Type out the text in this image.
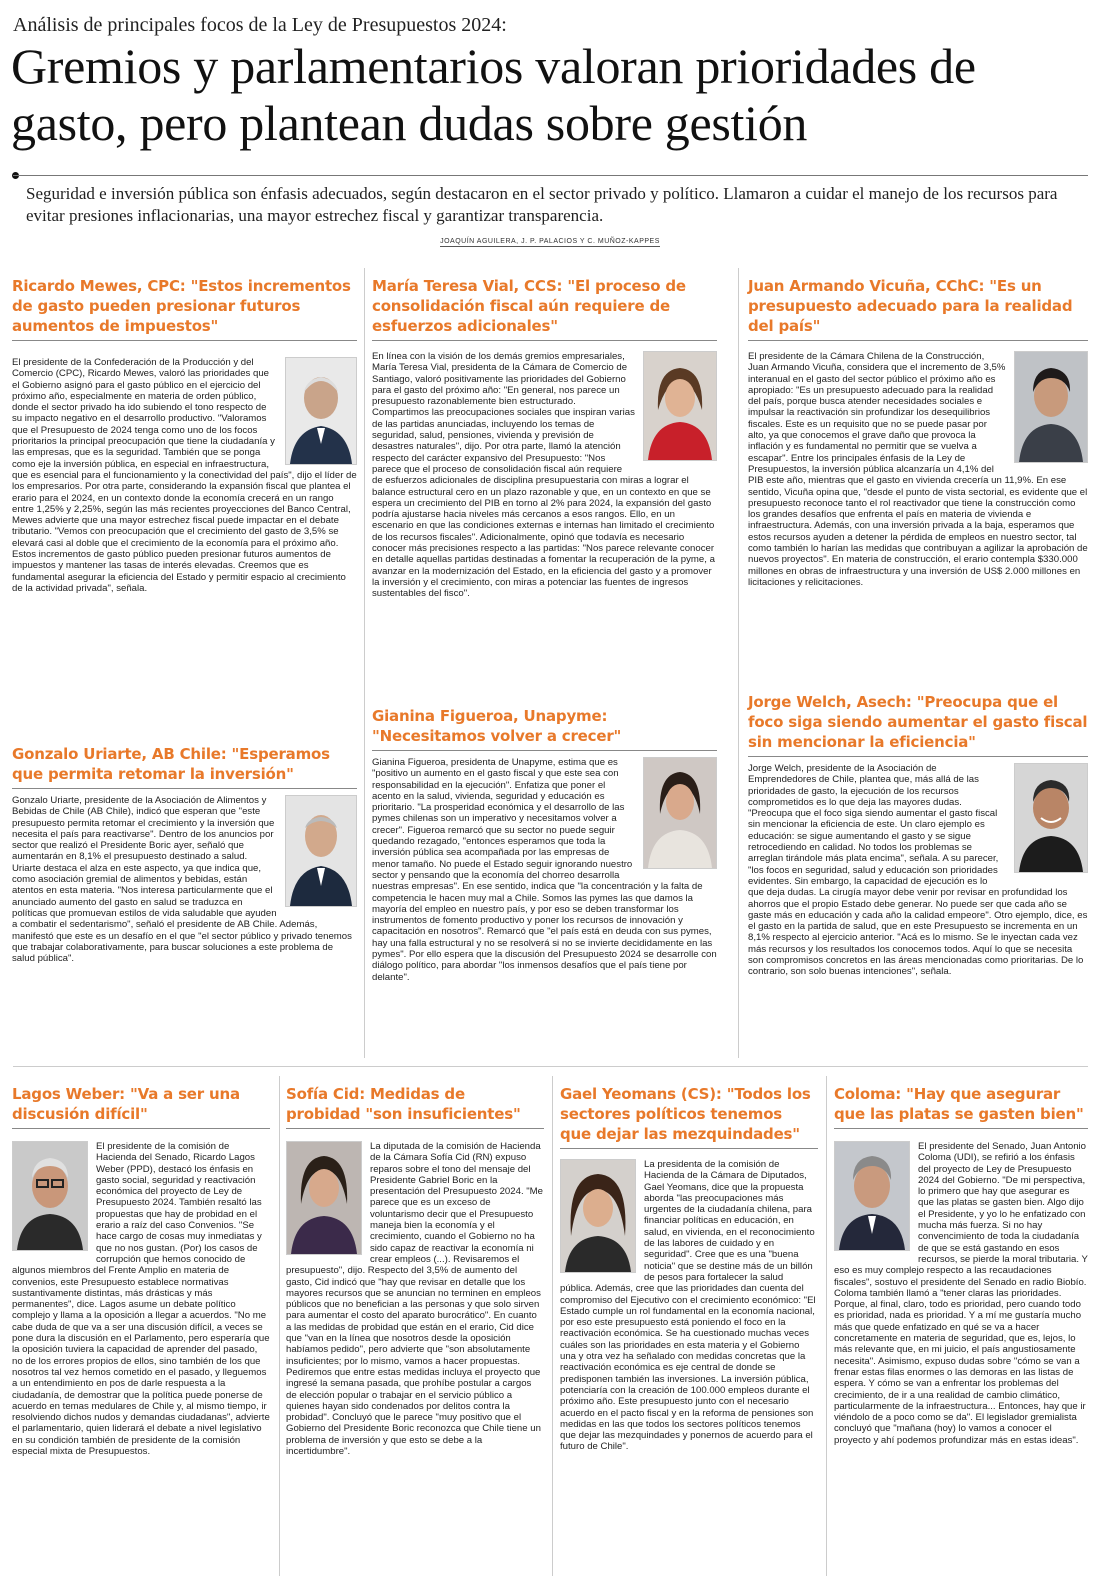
Análisis de principales focos de la Ley de Presupuestos 2024:
Gremios y parlamentarios valoran prioridades de gasto, pero plantean dudas sobre gestión
Seguridad e inversión pública son énfasis adecuados, según destacaron en el sector privado y político. Llamaron a cuidar el manejo de los recursos para evitar presiones inflacionarias, una mayor estrechez fiscal y garantizar transparencia.
JOAQUÍN AGUILERA, J. P. PALACIOS Y C. MUÑOZ-KAPPES
Ricardo Mewes, CPC: "Estos incrementos de gasto pueden presionar futuros aumentos de impuestos"

El presidente de la Confederación de la Producción y del Comercio (CPC), Ricardo Mewes, valoró las prioridades que el Gobierno asignó para el gasto público en el ejercicio del próximo año, especialmente en materia de orden público, donde el sector privado ha ido subiendo el tono respecto de su impacto negativo en el desarrollo productivo. "Valoramos que el Presupuesto de 2024 tenga como uno de los focos prioritarios la principal preocupación que tiene la ciudadanía y las empresas, que es la seguridad. También que se ponga como eje la inversión pública, en especial en infraestructura, que es esencial para el funcionamiento y la conectividad del país", dijo el líder de los empresarios. Por otra parte, considerando la expansión fiscal que plantea el erario para el 2024, en un contexto donde la economía crecerá en un rango entre 1,25% y 2,25%, según las más recientes proyecciones del Banco Central, Mewes advierte que una mayor estrechez fiscal puede impactar en el debate tributario. "Vemos con preocupación que el crecimiento del gasto de 3,5% se elevará casi al doble que el crecimiento de la economía para el próximo año. Estos incrementos de gasto público pueden presionar futuros aumentos de impuestos y mantener las tasas de interés elevadas. Creemos que es fundamental asegurar la eficiencia del Estado y permitir espacio al crecimiento de la actividad privada", señala.

Gonzalo Uriarte, AB Chile: "Esperamos que permita retomar la inversión"

Gonzalo Uriarte, presidente de la Asociación de Alimentos y Bebidas de Chile (AB Chile), indicó que esperan que "este presupuesto permita retomar el crecimiento y la inversión que necesita el país para reactivarse". Dentro de los anuncios por sector que realizó el Presidente Boric ayer, señaló que aumentarán en 8,1% el presupuesto destinado a salud. Uriarte destaca el alza en este aspecto, ya que indica que, como asociación gremial de alimentos y bebidas, están atentos en esta materia. "Nos interesa particularmente que el anunciado aumento del gasto en salud se traduzca en políticas que promuevan estilos de vida saludable que ayuden a combatir el sedentarismo", señaló el presidente de AB Chile. Además, manifestó que este es un desafío en el que "el sector público y privado tenemos que trabajar colaborativamente, para buscar soluciones a este problema de salud pública".

María Teresa Vial, CCS: "El proceso de consolidación fiscal aún requiere de esfuerzos adicionales"

En línea con la visión de los demás gremios empresariales, María Teresa Vial, presidenta de la Cámara de Comercio de Santiago, valoró positivamente las prioridades del Gobierno para el gasto del próximo año: "En general, nos parece un presupuesto razonablemente bien estructurado. Compartimos las preocupaciones sociales que inspiran varias de las partidas anunciadas, incluyendo los temas de seguridad, salud, pensiones, vivienda y previsión de desastres naturales", dijo. Por otra parte, llamó la atención respecto del carácter expansivo del Presupuesto: "Nos parece que el proceso de consolidación fiscal aún requiere de esfuerzos adicionales de disciplina presupuestaria con miras a lograr el balance estructural cero en un plazo razonable y que, en un contexto en que se espera un crecimiento del PIB en torno al 2% para 2024, la expansión del gasto podría ajustarse hacia niveles más cercanos a esos rangos. Ello, en un escenario en que las condiciones externas e internas han limitado el crecimiento de los recursos fiscales". Adicionalmente, opinó que todavía es necesario conocer más precisiones respecto a las partidas: "Nos parece relevante conocer en detalle aquellas partidas destinadas a fomentar la recuperación de la pyme, a avanzar en la modernización del Estado, en la eficiencia del gasto y a promover la inversión y el crecimiento, con miras a potenciar las fuentes de ingresos sustentables del fisco".

Gianina Figueroa, Unapyme: "Necesitamos volver a crecer"

Gianina Figueroa, presidenta de Unapyme, estima que es "positivo un aumento en el gasto fiscal y que este sea con responsabilidad en la ejecución". Enfatiza que poner el acento en la salud, vivienda, seguridad y educación es prioritario. "La prosperidad económica y el desarrollo de las pymes chilenas son un imperativo y necesitamos volver a crecer". Figueroa remarcó que su sector no puede seguir quedando rezagado, "entonces esperamos que toda la inversión pública sea acompañada por las empresas de menor tamaño. No puede el Estado seguir ignorando nuestro sector y pensando que la economía del chorreo desarrolla nuestras empresas". En ese sentido, indica que "la concentración y la falta de competencia le hacen muy mal a Chile. Somos las pymes las que damos la mayoría del empleo en nuestro país, y por eso se deben transformar los instrumentos de fomento productivo y poner los recursos de innovación y capacitación en nosotros". Remarcó que "el país está en deuda con sus pymes, hay una falla estructural y no se resolverá si no se invierte decididamente en las pymes". Por ello espera que la discusión del Presupuesto 2024 se desarrolle con diálogo político, para abordar "los inmensos desafíos que el país tiene por delante".

Juan Armando Vicuña, CChC: "Es un presupuesto adecuado para la realidad del país"

El presidente de la Cámara Chilena de la Construcción, Juan Armando Vicuña, considera que el incremento de 3,5% interanual en el gasto del sector público el próximo año es apropiado: "Es un presupuesto adecuado para la realidad del país, porque busca atender necesidades sociales e impulsar la reactivación sin profundizar los desequilibrios fiscales. Este es un requisito que no se puede pasar por alto, ya que conocemos el grave daño que provoca la inflación y es fundamental no permitir que se vuelva a escapar". Entre los principales énfasis de la Ley de Presupuestos, la inversión pública alcanzaría un 4,1% del PIB este año, mientras que el gasto en vivienda crecería un 11,9%. En ese sentido, Vicuña opina que, "desde el punto de vista sectorial, es evidente que el presupuesto reconoce tanto el rol reactivador que tiene la construcción como los grandes desafíos que enfrenta el país en materia de vivienda e infraestructura. Además, con una inversión privada a la baja, esperamos que estos recursos ayuden a detener la pérdida de empleos en nuestro sector, tal como también lo harían las medidas que contribuyan a agilizar la aprobación de nuevos proyectos". En materia de construcción, el erario contempla $330.000 millones en obras de infraestructura y una inversión de US$ 2.000 millones en licitaciones y relicitaciones.

Jorge Welch, Asech: "Preocupa que el foco siga siendo aumentar el gasto fiscal sin mencionar la eficiencia"

Jorge Welch, presidente de la Asociación de Emprendedores de Chile, plantea que, más allá de las prioridades de gasto, la ejecución de los recursos comprometidos es lo que deja las mayores dudas. "Preocupa que el foco siga siendo aumentar el gasto fiscal sin mencionar la eficiencia de este. Un claro ejemplo es educación: se sigue aumentando el gasto y se sigue retrocediendo en calidad. No todos los problemas se arreglan tirándole más plata encima", señala. A su parecer, "los focos en seguridad, salud y educación son prioridades evidentes. Sin embargo, la capacidad de ejecución es lo que deja dudas. La cirugía mayor debe venir por revisar en profundidad los ahorros que el propio Estado debe generar. No puede ser que cada año se gaste más en educación y cada año la calidad empeore". Otro ejemplo, dice, es el gasto en la partida de salud, que en este Presupuesto se incrementa en un 8,1% respecto al ejercicio anterior. "Acá es lo mismo. Se le inyectan cada vez más recursos y los resultados los conocemos todos. Aquí lo que se necesita son compromisos concretos en las áreas mencionadas como prioritarias. De lo contrario, son solo buenas intenciones", señala.

Lagos Weber: "Va a ser una discusión difícil"

El presidente de la comisión de Hacienda del Senado, Ricardo Lagos Weber (PPD), destacó los énfasis en gasto social, seguridad y reactivación económica del proyecto de Ley de Presupuesto 2024. También resaltó las propuestas que hay de probidad en el erario a raíz del caso Convenios. "Se hace cargo de cosas muy inmediatas y que no nos gustan. (Por) los casos de corrupción que hemos conocido de algunos miembros del Frente Amplio en materia de convenios, este Presupuesto establece normativas sustantivamente distintas, más drásticas y más permanentes", dice. Lagos asume un debate político complejo y llama a la oposición a llegar a acuerdos. "No me cabe duda de que va a ser una discusión difícil, a veces se pone dura la discusión en el Parlamento, pero esperaría que la oposición tuviera la capacidad de aprender del pasado, no de los errores propios de ellos, sino también de los que nosotros tal vez hemos cometido en el pasado, y lleguemos a un entendimiento en pos de darle respuesta a la ciudadanía, de demostrar que la política puede ponerse de acuerdo en temas medulares de Chile y, al mismo tiempo, ir resolviendo dichos nudos y demandas ciudadanas", advierte el parlamentario, quien liderará el debate a nivel legislativo en su condición también de presidente de la comisión especial mixta de Presupuestos.

Sofía Cid: Medidas de probidad "son insuficientes"

La diputada de la comisión de Hacienda de la Cámara Sofía Cid (RN) expuso reparos sobre el tono del mensaje del Presidente Gabriel Boric en la presentación del Presupuesto 2024. "Me parece que es un exceso de voluntarismo decir que el Presupuesto maneja bien la economía y el crecimiento, cuando el Gobierno no ha sido capaz de reactivar la economía ni crear empleos (...). Revisaremos el presupuesto", dijo. Respecto del 3,5% de aumento del gasto, Cid indicó que "hay que revisar en detalle que los mayores recursos que se anuncian no terminen en empleos públicos que no benefician a las personas y que solo sirven para aumentar el costo del aparato burocrático". En cuanto a las medidas de probidad que están en el erario, Cid dice que "van en la línea que nosotros desde la oposición habíamos pedido", pero advierte que "son absolutamente insuficientes; por lo mismo, vamos a hacer propuestas. Pediremos que entre estas medidas incluya el proyecto que ingresé la semana pasada, que prohíbe postular a cargos de elección popular o trabajar en el servicio público a quienes hayan sido condenados por delitos contra la probidad". Concluyó que le parece "muy positivo que el Gobierno del Presidente Boric reconozca que Chile tiene un problema de inversión y que esto se debe a la incertidumbre".

Gael Yeomans (CS): "Todos los sectores políticos tenemos que dejar las mezquindades"

La presidenta de la comisión de Hacienda de la Cámara de Diputados, Gael Yeomans, dice que la propuesta aborda "las preocupaciones más urgentes de la ciudadanía chilena, para financiar políticas en educación, en salud, en vivienda, en el reconocimiento de las labores de cuidado y en seguridad". Cree que es una "buena noticia" que se destine más de un billón de pesos para fortalecer la salud pública. Además, cree que las prioridades dan cuenta del compromiso del Ejecutivo con el crecimiento económico: "El Estado cumple un rol fundamental en la economía nacional, por eso este presupuesto está poniendo el foco en la reactivación económica. Se ha cuestionado muchas veces cuáles son las prioridades en esta materia y el Gobierno una y otra vez ha señalado con medidas concretas que la reactivación económica es eje central de donde se predisponen también las inversiones. La inversión pública, potenciaría con la creación de 100.000 empleos durante el próximo año. Este presupuesto junto con el necesario acuerdo en el pacto fiscal y en la reforma de pensiones son medidas en las que todos los sectores políticos tenemos que dejar las mezquindades y ponernos de acuerdo para el futuro de Chile".

Coloma: "Hay que asegurar que las platas se gasten bien"

El presidente del Senado, Juan Antonio Coloma (UDI), se refirió a los énfasis del proyecto de Ley de Presupuesto 2024 del Gobierno. "De mi perspectiva, lo primero que hay que asegurar es que las platas se gasten bien. Algo dijo el Presidente, y yo lo he enfatizado con mucha más fuerza. Si no hay convencimiento de toda la ciudadanía de que se está gastando en esos recursos, se pierde la moral tributaria. Y eso es muy complejo respecto a las recaudaciones fiscales", sostuvo el presidente del Senado en radio Biobío. Coloma también llamó a "tener claras las prioridades. Porque, al final, claro, todo es prioridad, pero cuando todo es prioridad, nada es prioridad. Y a mí me gustaría mucho más que quede enfatizado en qué se va a hacer concretamente en materia de seguridad, que es, lejos, lo más relevante que, en mi juicio, el país angustiosamente necesita". Asimismo, expuso dudas sobre "cómo se van a frenar estas filas enormes o las demoras en las listas de espera. Y cómo se van a enfrentar los problemas del crecimiento, de ir a una realidad de cambio climático, particularmente de la infraestructura... Entonces, hay que ir viéndolo de a poco como se da". El legislador gremialista concluyó que "mañana (hoy) lo vamos a conocer el proyecto y ahí podemos profundizar más en estas ideas".
